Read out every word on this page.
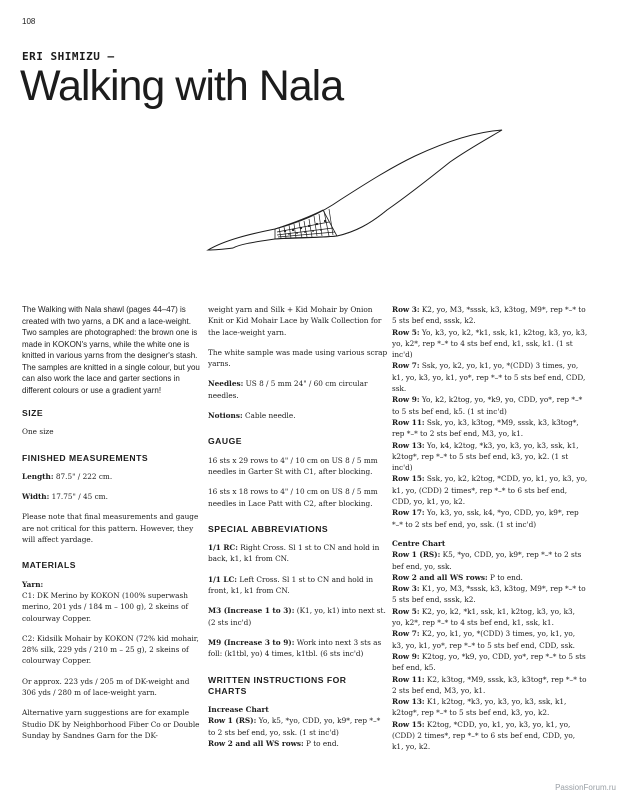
108
ERI SHIMIZU –
Walking with Nala

The Walking with Nala shawl (pages 44–47) is created with two yarns, a DK and a lace-weight. Two samples are photographed: the brown one is made in KOKON's yarns, while the white one is knitted in various yarns from the designer's stash. The samples are knitted in a single colour, but you can also work the lace and garter sections in different colours or use a gradient yarn!

SIZE

One size

FINISHED MEASUREMENTS

Length: 87.5" / 222 cm.

Width: 17.75" / 45 cm.

Please note that final measurements and gauge are not critical for this pattern. However, they will affect yardage.

MATERIALS
Yarn:

C1: DK Merino by KOKON (100% superwash merino, 201 yds / 184 m – 100 g), 2 skeins of colourway Copper.

C2: Kidsilk Mohair by KOKON (72% kid mohair, 28% silk, 229 yds / 210 m – 25 g), 2 skeins of colourway Copper.

Or approx. 223 yds / 205 m of DK-weight and 306 yds / 280 m of lace-weight yarn.

Alternative yarn suggestions are for example Studio DK by Neighborhood Fiber Co or Double Sunday by Sandnes Garn for the DK-

weight yarn and Silk + Kid Mohair by Onion Knit or Kid Mohair Lace by Walk Collection for the lace-weight yarn.

The white sample was made using various scrap yarns.

Needles: US 8 / 5 mm 24" / 60 cm circular needles.

Notions: Cable needle.

GAUGE

16 sts x 29 rows to 4" / 10 cm on US 8 / 5 mm needles in Garter St with C1, after blocking.

16 sts x 18 rows to 4" / 10 cm on US 8 / 5 mm needles in Lace Patt with C2, after blocking.

SPECIAL ABBREVIATIONS

1/1 RC: Right Cross. Sl 1 st to CN and hold in back, k1, k1 from CN.

1/1 LC: Left Cross. Sl 1 st to CN and hold in front, k1, k1 from CN.

M3 (Increase 1 to 3): (K1, yo, k1) into next st. (2 sts inc'd)

M9 (Increase 3 to 9): Work into next 3 sts as foll: (k1tbl, yo) 4 times, k1tbl. (6 sts inc'd)

WRITTEN INSTRUCTIONS FOR CHARTS
Increase Chart

Row 1 (RS): Yo, k5, *yo, CDD, yo, k9*, rep *–* to 2 sts bef end, yo, ssk. (1 st inc'd)

Row 2 and all WS rows: P to end.

Row 3: K2, yo, M3, *sssk, k3, k3tog, M9*, rep *–* to 5 sts bef end, sssk, k2.

Row 5: Yo, k3, yo, k2, *k1, ssk, k1, k2tog, k3, yo, k3, yo, k2*, rep *–* to 4 sts bef end, k1, ssk, k1. (1 st inc'd)

Row 7: Ssk, yo, k2, yo, k1, yo, *(CDD) 3 times, yo, k1, yo, k3, yo, k1, yo*, rep *–* to 5 sts bef end, CDD, ssk.

Row 9: Yo, k2, k2tog, yo, *k9, yo, CDD, yo*, rep *–* to 5 sts bef end, k5. (1 st inc'd)

Row 11: Ssk, yo, k3, k3tog, *M9, sssk, k3, k3tog*, rep *–* to 2 sts bef end, M3, yo, k1.

Row 13: Yo, k4, k2tog, *k3, yo, k3, yo, k3, ssk, k1, k2tog*, rep *–* to 5 sts bef end, k3, yo, k2. (1 st inc'd)

Row 15: Ssk, yo, k2, k2tog, *CDD, yo, k1, yo, k3, yo, k1, yo, (CDD) 2 times*, rep *–* to 6 sts bef end, CDD, yo, k1, yo, k2.

Row 17: Yo, k3, yo, ssk, k4, *yo, CDD, yo, k9*, rep *–* to 2 sts bef end, yo, ssk. (1 st inc'd)

Centre Chart

Row 1 (RS): K5, *yo, CDD, yo, k9*, rep *–* to 2 sts bef end, yo, ssk.

Row 2 and all WS rows: P to end.

Row 3: K1, yo, M3, *sssk, k3, k3tog, M9*, rep *–* to 5 sts bef end, sssk, k2.

Row 5: K2, yo, k2, *k1, ssk, k1, k2tog, k3, yo, k3, yo, k2*, rep *–* to 4 sts bef end, k1, ssk, k1.

Row 7: K2, yo, k1, yo, *(CDD) 3 times, yo, k1, yo, k3, yo, k1, yo*, rep *–* to 5 sts bef end, CDD, ssk.

Row 9: K2tog, yo, *k9, yo, CDD, yo*, rep *–* to 5 sts bef end, k5.

Row 11: K2, k3tog, *M9, sssk, k3, k3tog*, rep *–* to 2 sts bef end, M3, yo, k1.

Row 13: K1, k2tog, *k3, yo, k3, yo, k3, ssk, k1, k2tog*, rep *–* to 5 sts bef end, k3, yo, k2.

Row 15: K2tog, *CDD, yo, k1, yo, k3, yo, k1, yo, (CDD) 2 times*, rep *–* to 6 sts bef end, CDD, yo, k1, yo, k2.

PassionForum.ru
